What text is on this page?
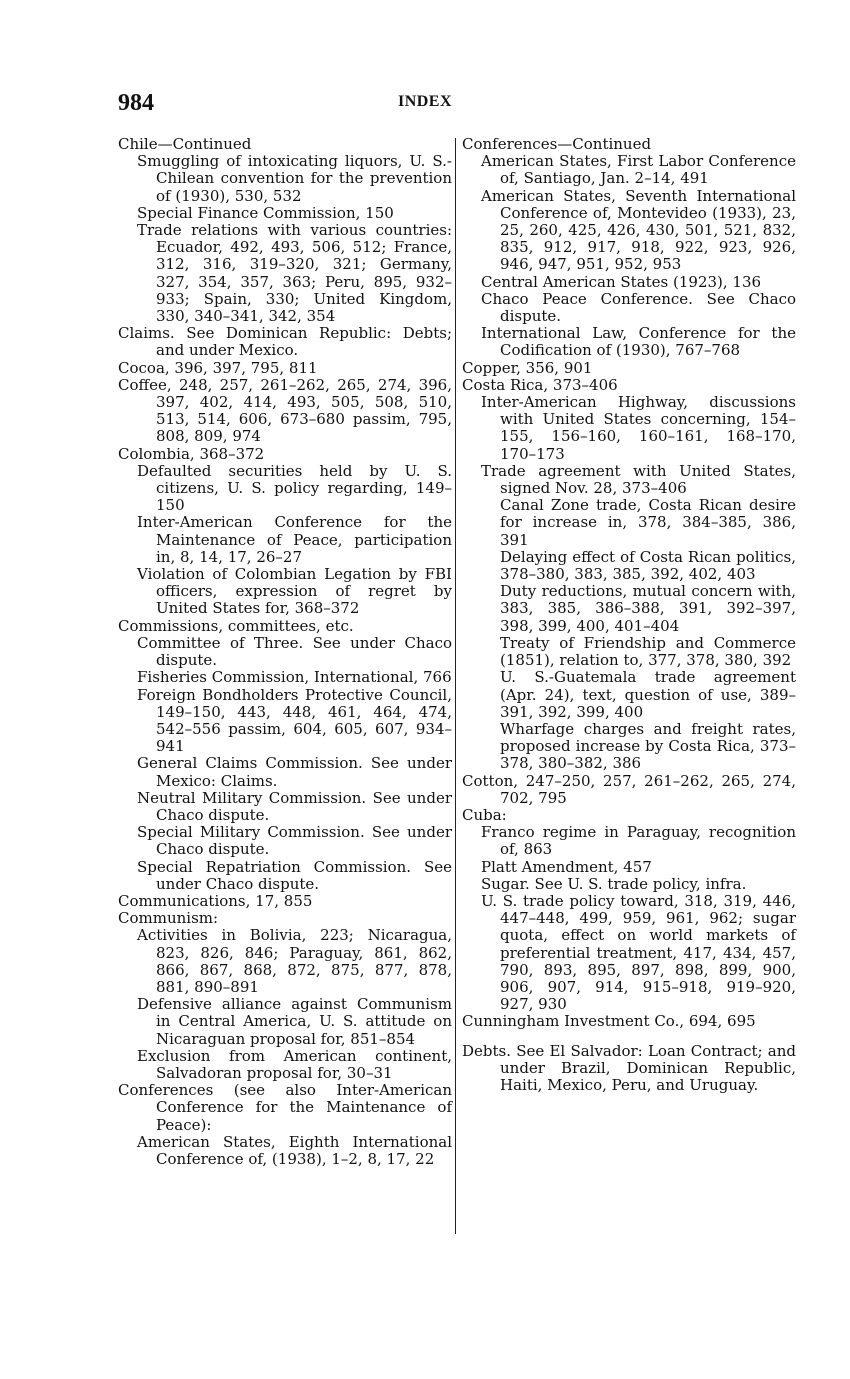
984	INDEX
Chile—Continued
Smuggling of intoxicating liquors, U. S.-Chilean convention for the prevention of (1930), 530, 532
Special Finance Commission, 150
Trade relations with various countries: Ecuador, 492, 493, 506, 512; France, 312, 316, 319–320, 321; Germany, 327, 354, 357, 363; Peru, 895, 932–933; Spain, 330; United Kingdom, 330, 340–341, 342, 354
Claims. See Dominican Republic: Debts; and under Mexico.
Cocoa, 396, 397, 795, 811
Coffee, 248, 257, 261–262, 265, 274, 396, 397, 402, 414, 493, 505, 508, 510, 513, 514, 606, 673–680 passim, 795, 808, 809, 974
Colombia, 368–372
Defaulted securities held by U. S. citizens, U. S. policy regarding, 149–150
Inter-American Conference for the Maintenance of Peace, participation in, 8, 14, 17, 26–27
Violation of Colombian Legation by FBI officers, expression of regret by United States for, 368–372
Commissions, committees, etc.
Committee of Three. See under Chaco dispute.
Fisheries Commission, International, 766
Foreign Bondholders Protective Council, 149–150, 443, 448, 461, 464, 474, 542–556 passim, 604, 605, 607, 934–941
General Claims Commission. See under Mexico: Claims.
Neutral Military Commission. See under Chaco dispute.
Special Military Commission. See under Chaco dispute.
Special Repatriation Commission. See under Chaco dispute.
Communications, 17, 855
Communism:
Activities in Bolivia, 223; Nicaragua, 823, 826, 846; Paraguay, 861, 862, 866, 867, 868, 872, 875, 877, 878, 881, 890–891
Defensive alliance against Communism in Central America, U. S. attitude on Nicaraguan proposal for, 851–854
Exclusion from American continent, Salvadoran proposal for, 30–31
Conferences (see also Inter-American Conference for the Maintenance of Peace):
American States, Eighth International Conference of, (1938), 1–2, 8, 17, 22
Conferences—Continued
American States, First Labor Conference of, Santiago, Jan. 2–14, 491
American States, Seventh International Conference of, Montevideo (1933), 23, 25, 260, 425, 426, 430, 501, 521, 832, 835, 912, 917, 918, 922, 923, 926, 946, 947, 951, 952, 953
Central American States (1923), 136
Chaco Peace Conference. See Chaco dispute.
International Law, Conference for the Codification of (1930), 767–768
Copper, 356, 901
Costa Rica, 373–406
Inter-American Highway, discussions with United States concerning, 154–155, 156–160, 160–161, 168–170, 170–173
Trade agreement with United States, signed Nov. 28, 373–406
Canal Zone trade, Costa Rican desire for increase in, 378, 384–385, 386, 391
Delaying effect of Costa Rican politics, 378–380, 383, 385, 392, 402, 403
Duty reductions, mutual concern with, 383, 385, 386–388, 391, 392–397, 398, 399, 400, 401–404
Treaty of Friendship and Commerce (1851), relation to, 377, 378, 380, 392
U. S.-Guatemala trade agreement (Apr. 24), text, question of use, 389–391, 392, 399, 400
Wharfage charges and freight rates, proposed increase by Costa Rica, 373–378, 380–382, 386
Cotton, 247–250, 257, 261–262, 265, 274, 702, 795
Cuba:
Franco regime in Paraguay, recognition of, 863
Platt Amendment, 457
Sugar. See U. S. trade policy, infra.
U. S. trade policy toward, 318, 319, 446, 447–448, 499, 959, 961, 962; sugar quota, effect on world markets of preferential treatment, 417, 434, 457, 790, 893, 895, 897, 898, 899, 900, 906, 907, 914, 915–918, 919–920, 927, 930
Cunningham Investment Co., 694, 695
Debts. See El Salvador: Loan Contract; and under Brazil, Dominican Republic, Haiti, Mexico, Peru, and Uruguay.
